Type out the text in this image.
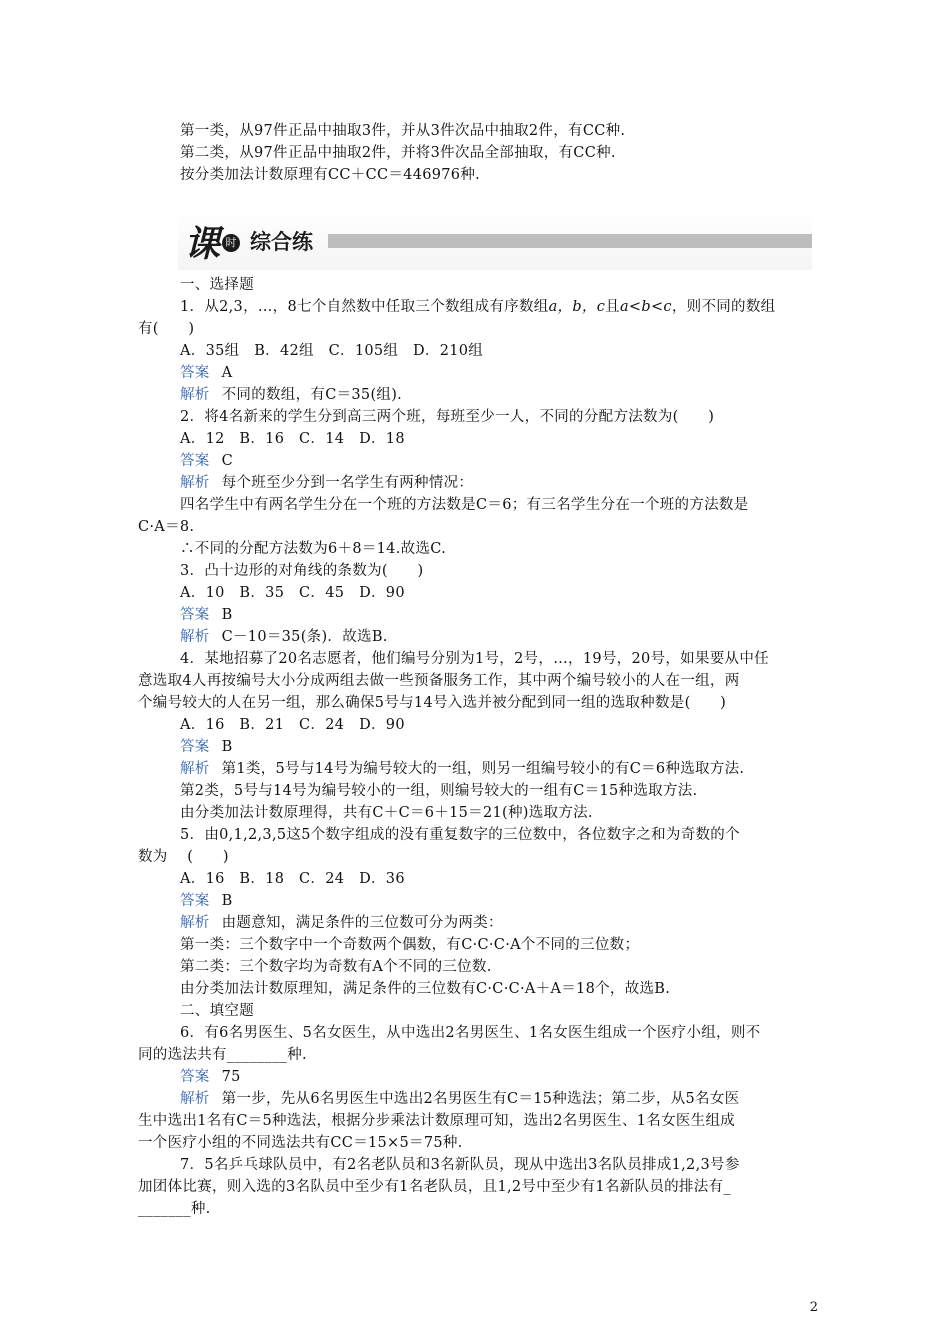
第一类，从97件正品中抽取3件，并从3件次品中抽取2件，有CC种.
第二类，从97件正品中抽取2件，并将3件次品全部抽取，有CC种.
按分类加法计数原理有CC＋CC＝446976种.
课 时 综合练
一、选择题
1．从2,3，…，8七个自然数中任取三个数组成有序数组a，b，c且a<b<c，则不同的数组
有(　　)
A．35组　B．42组　C．105组　D．210组
答案 A
解析 不同的数组，有C＝35(组).
2．将4名新来的学生分到高三两个班，每班至少一人，不同的分配方法数为(　　)
A．12　B．16　C．14　D．18
答案 C
解析 每个班至少分到一名学生有两种情况：
四名学生中有两名学生分在一个班的方法数是C＝6；有三名学生分在一个班的方法数是
C·A＝8.
∴不同的分配方法数为6＋8＝14.故选C.
3．凸十边形的对角线的条数为(　　)
A．10　B．35　C．45　D．90
答案 B
解析 C－10＝35(条)．故选B.
4．某地招募了20名志愿者，他们编号分别为1号，2号，…，19号，20号，如果要从中任
意选取4人再按编号大小分成两组去做一些预备服务工作，其中两个编号较小的人在一组，两
个编号较大的人在另一组，那么确保5号与14号入选并被分配到同一组的选取种数是(　　)
A．16　B．21　C．24　D．90
答案 B
解析 第1类，5号与14号为编号较大的一组，则另一组编号较小的有C＝6种选取方法.
第2类，5号与14号为编号较小的一组，则编号较大的一组有C＝15种选取方法.
由分类加法计数原理得，共有C＋C＝6＋15＝21(种)选取方法.
5．由0,1,2,3,5这5个数字组成的没有重复数字的三位数中，各位数字之和为奇数的个
数为　 (　　)
A．16　B．18　C．24　D．36
答案 B
解析 由题意知，满足条件的三位数可分为两类：
第一类：三个数字中一个奇数两个偶数，有C·C·C·A个不同的三位数；
第二类：三个数字均为奇数有A个不同的三位数.
由分类加法计数原理知，满足条件的三位数有C·C·C·A＋A＝18个，故选B.
二、填空题
6．有6名男医生、5名女医生，从中选出2名男医生、1名女医生组成一个医疗小组，则不
同的选法共有________种.
答案 75
解析 第一步，先从6名男医生中选出2名男医生有C＝15种选法；第二步，从5名女医
生中选出1名有C＝5种选法，根据分步乘法计数原理可知，选出2名男医生、1名女医生组成
一个医疗小组的不同选法共有CC＝15×5＝75种.
7．5名乒乓球队员中，有2名老队员和3名新队员，现从中选出3名队员排成1,2,3号参
加团体比赛，则入选的3名队员中至少有1名老队员，且1,2号中至少有1名新队员的排法有_
_______种.
2
